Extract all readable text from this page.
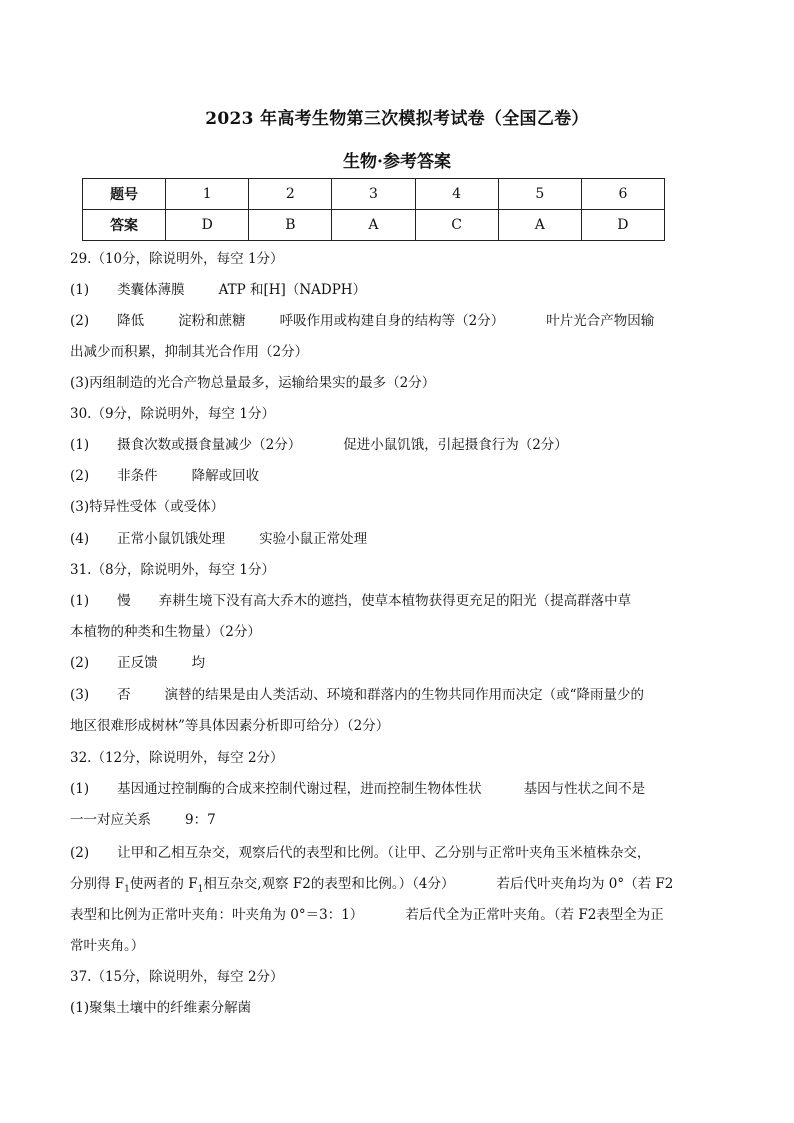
2023 年高考生物第三次模拟考试卷（全国乙卷）
生物·参考答案
题号	1	2	3	4	5	6
答案	D	B	A	C	A	D
29.（10分，除说明外，每空 1分）
(1) 类囊体薄膜	ATP 和[H]（NADPH）
(2) 降低	淀粉和蔗糖	呼吸作用或构建自身的结构等（2分）	叶片光合产物因输
出减少而积累，抑制其光合作用（2分）
(3)丙组制造的光合产物总量最多，运输给果实的最多（2分）
30.（9分，除说明外，每空 1分）
(1) 摄食次数或摄食量减少（2分）	促进小鼠饥饿，引起摄食行为（2分）
(2) 非条件	降解或回收
(3)特异性受体（或受体）
(4) 正常小鼠饥饿处理	实验小鼠正常处理
31.（8分，除说明外，每空 1分）
(1) 慢 弃耕生境下没有高大乔木的遮挡，使草本植物获得更充足的阳光（提高群落中草
本植物的种类和生物量）（2分）
(2) 正反馈	均
(3) 否	演替的结果是由人类活动、环境和群落内的生物共同作用而决定（或“降雨量少的
地区很难形成树林”等具体因素分析即可给分）（2分）
32.（12分，除说明外，每空 2分）
(1) 基因通过控制酶的合成来控制代谢过程，进而控制生物体性状	基因与性状之间不是
一一对应关系	9：7
(2) 让甲和乙相互杂交，观察后代的表型和比例。（让甲、乙分别与正常叶夹角玉米植株杂交，
分别得 $F_1$使两者的 $F_1$相互杂交,观察 F2的表型和比例。）（4分）	若后代叶夹角均为 0°（若 F2
表型和比例为正常叶夹角：叶夹角为 0°＝3：1）	若后代全为正常叶夹角。（若 F2表型全为正
常叶夹角。）
37.（15分，除说明外，每空 2分）
(1)聚集土壤中的纤维素分解菌
